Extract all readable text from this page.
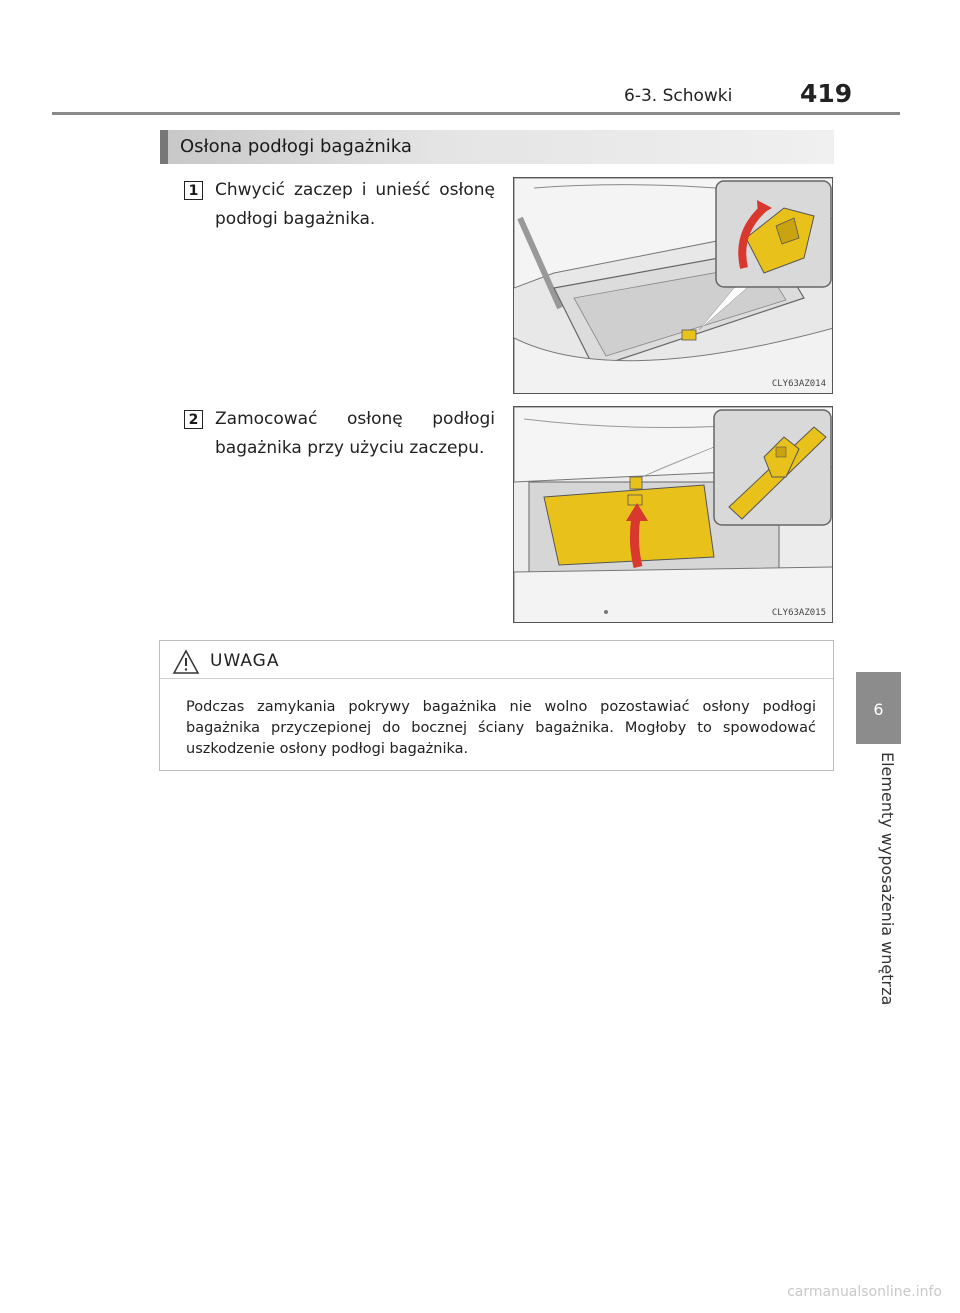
6-3. Schowki	419
6
Elementy wyposażenia wnętrza
Osłona podłogi bagażnika
1 Chwycić zaczep i unieść osłonę podłogi bagażnika.
CLY63AZ014
2 Zamocować osłonę podłogi bagażnika przy użyciu zaczepu.
CLY63AZ015
UWAGA
Podczas zamykania pokrywy bagażnika nie wolno pozostawiać osłony podłogi bagażnika przyczepionej do bocznej ściany bagażnika. Mogłoby to spowodować uszkodzenie osłony podłogi bagażnika.
carmanualsonline.info
